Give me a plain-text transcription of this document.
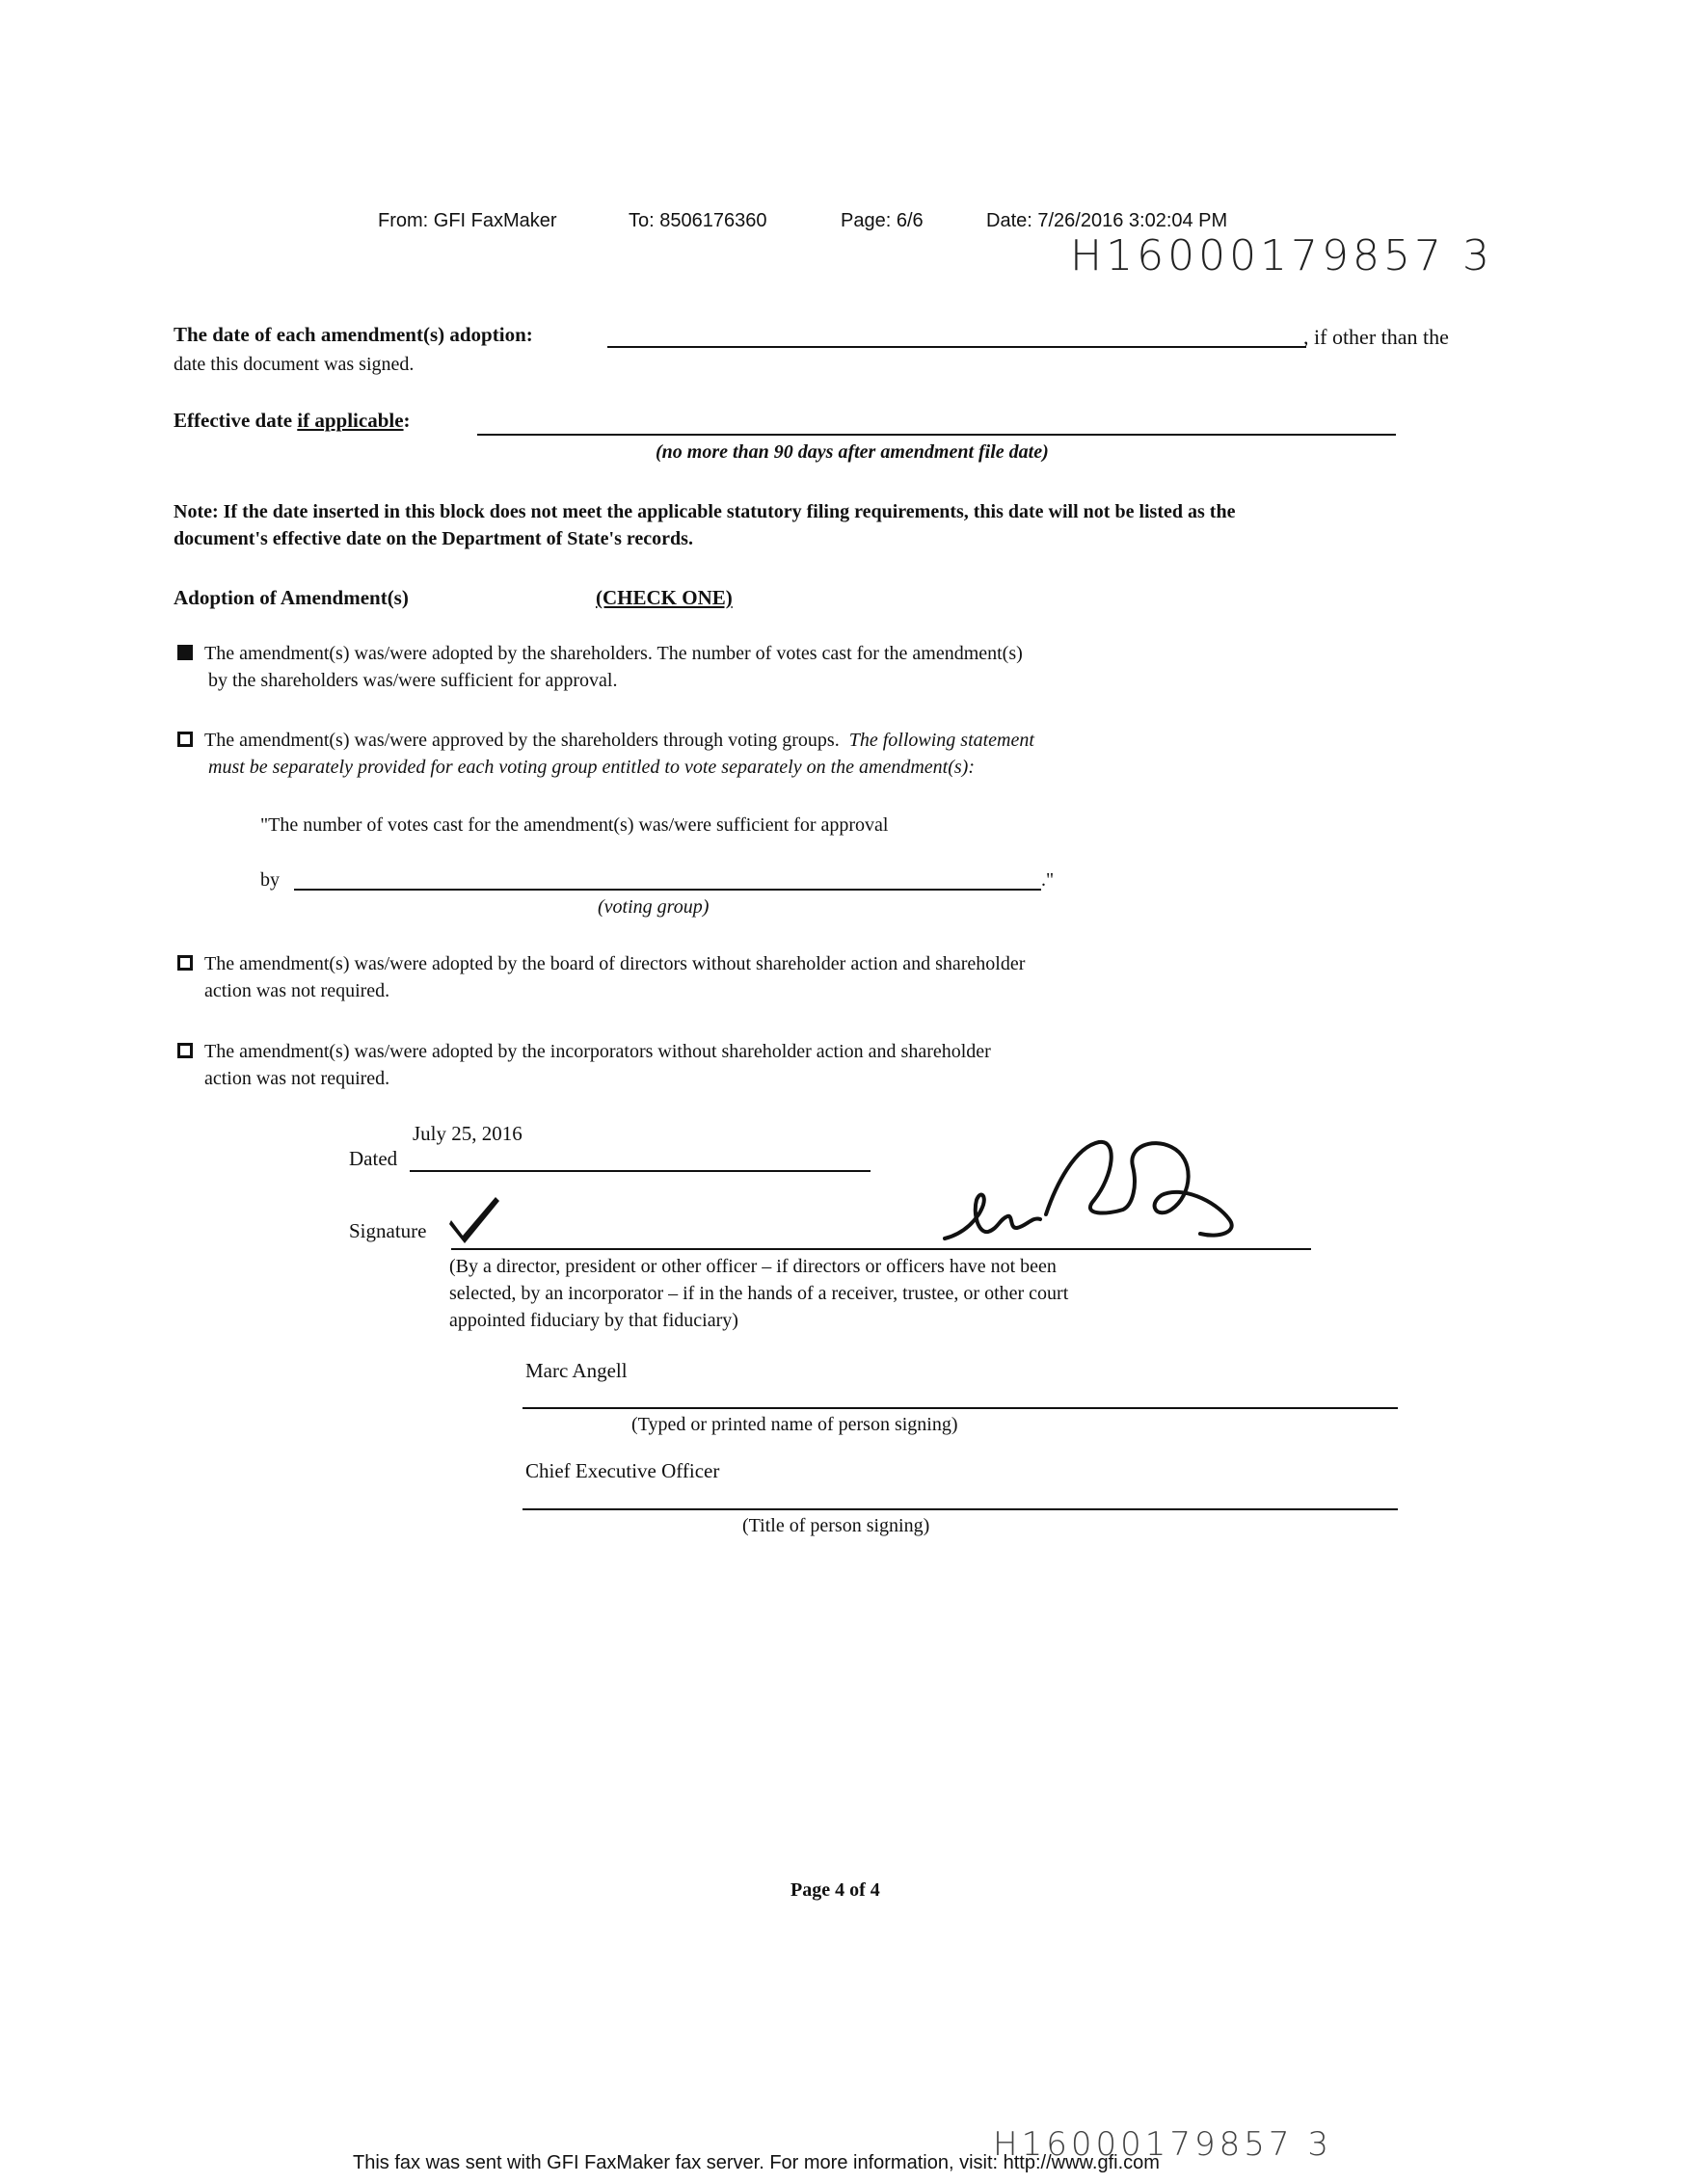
From: GFI FaxMaker	To: 8506176360	Page: 6/6	Date: 7/26/2016 3:02:04 PM
H16000179857 3
The date of each amendment(s) adoption:	, if other than the
date this document was signed.
Effective date if applicable:
(no more than 90 days after amendment file date)
Note: If the date inserted in this block does not meet the applicable statutory filing requirements, this date will not be listed as the
document's effective date on the Department of State's records.
Adoption of Amendment(s)	(CHECK ONE)
The amendment(s) was/were adopted by the shareholders. The number of votes cast for the amendment(s)
by the shareholders was/were sufficient for approval.
The amendment(s) was/were approved by the shareholders through voting groups. The following statement
must be separately provided for each voting group entitled to vote separately on the amendment(s):
"The number of votes cast for the amendment(s) was/were sufficient for approval
by	."
(voting group)
The amendment(s) was/were adopted by the board of directors without shareholder action and shareholder
action was not required.
The amendment(s) was/were adopted by the incorporators without shareholder action and shareholder
action was not required.
July 25, 2016
Dated
Signature
(By a director, president or other officer – if directors or officers have not been
selected, by an incorporator – if in the hands of a receiver, trustee, or other court
appointed fiduciary by that fiduciary)
Marc Angell
(Typed or printed name of person signing)
Chief Executive Officer
(Title of person signing)
Page 4 of 4
H16000179857 3
This fax was sent with GFI FaxMaker fax server. For more information, visit: http://www.gfi.com
